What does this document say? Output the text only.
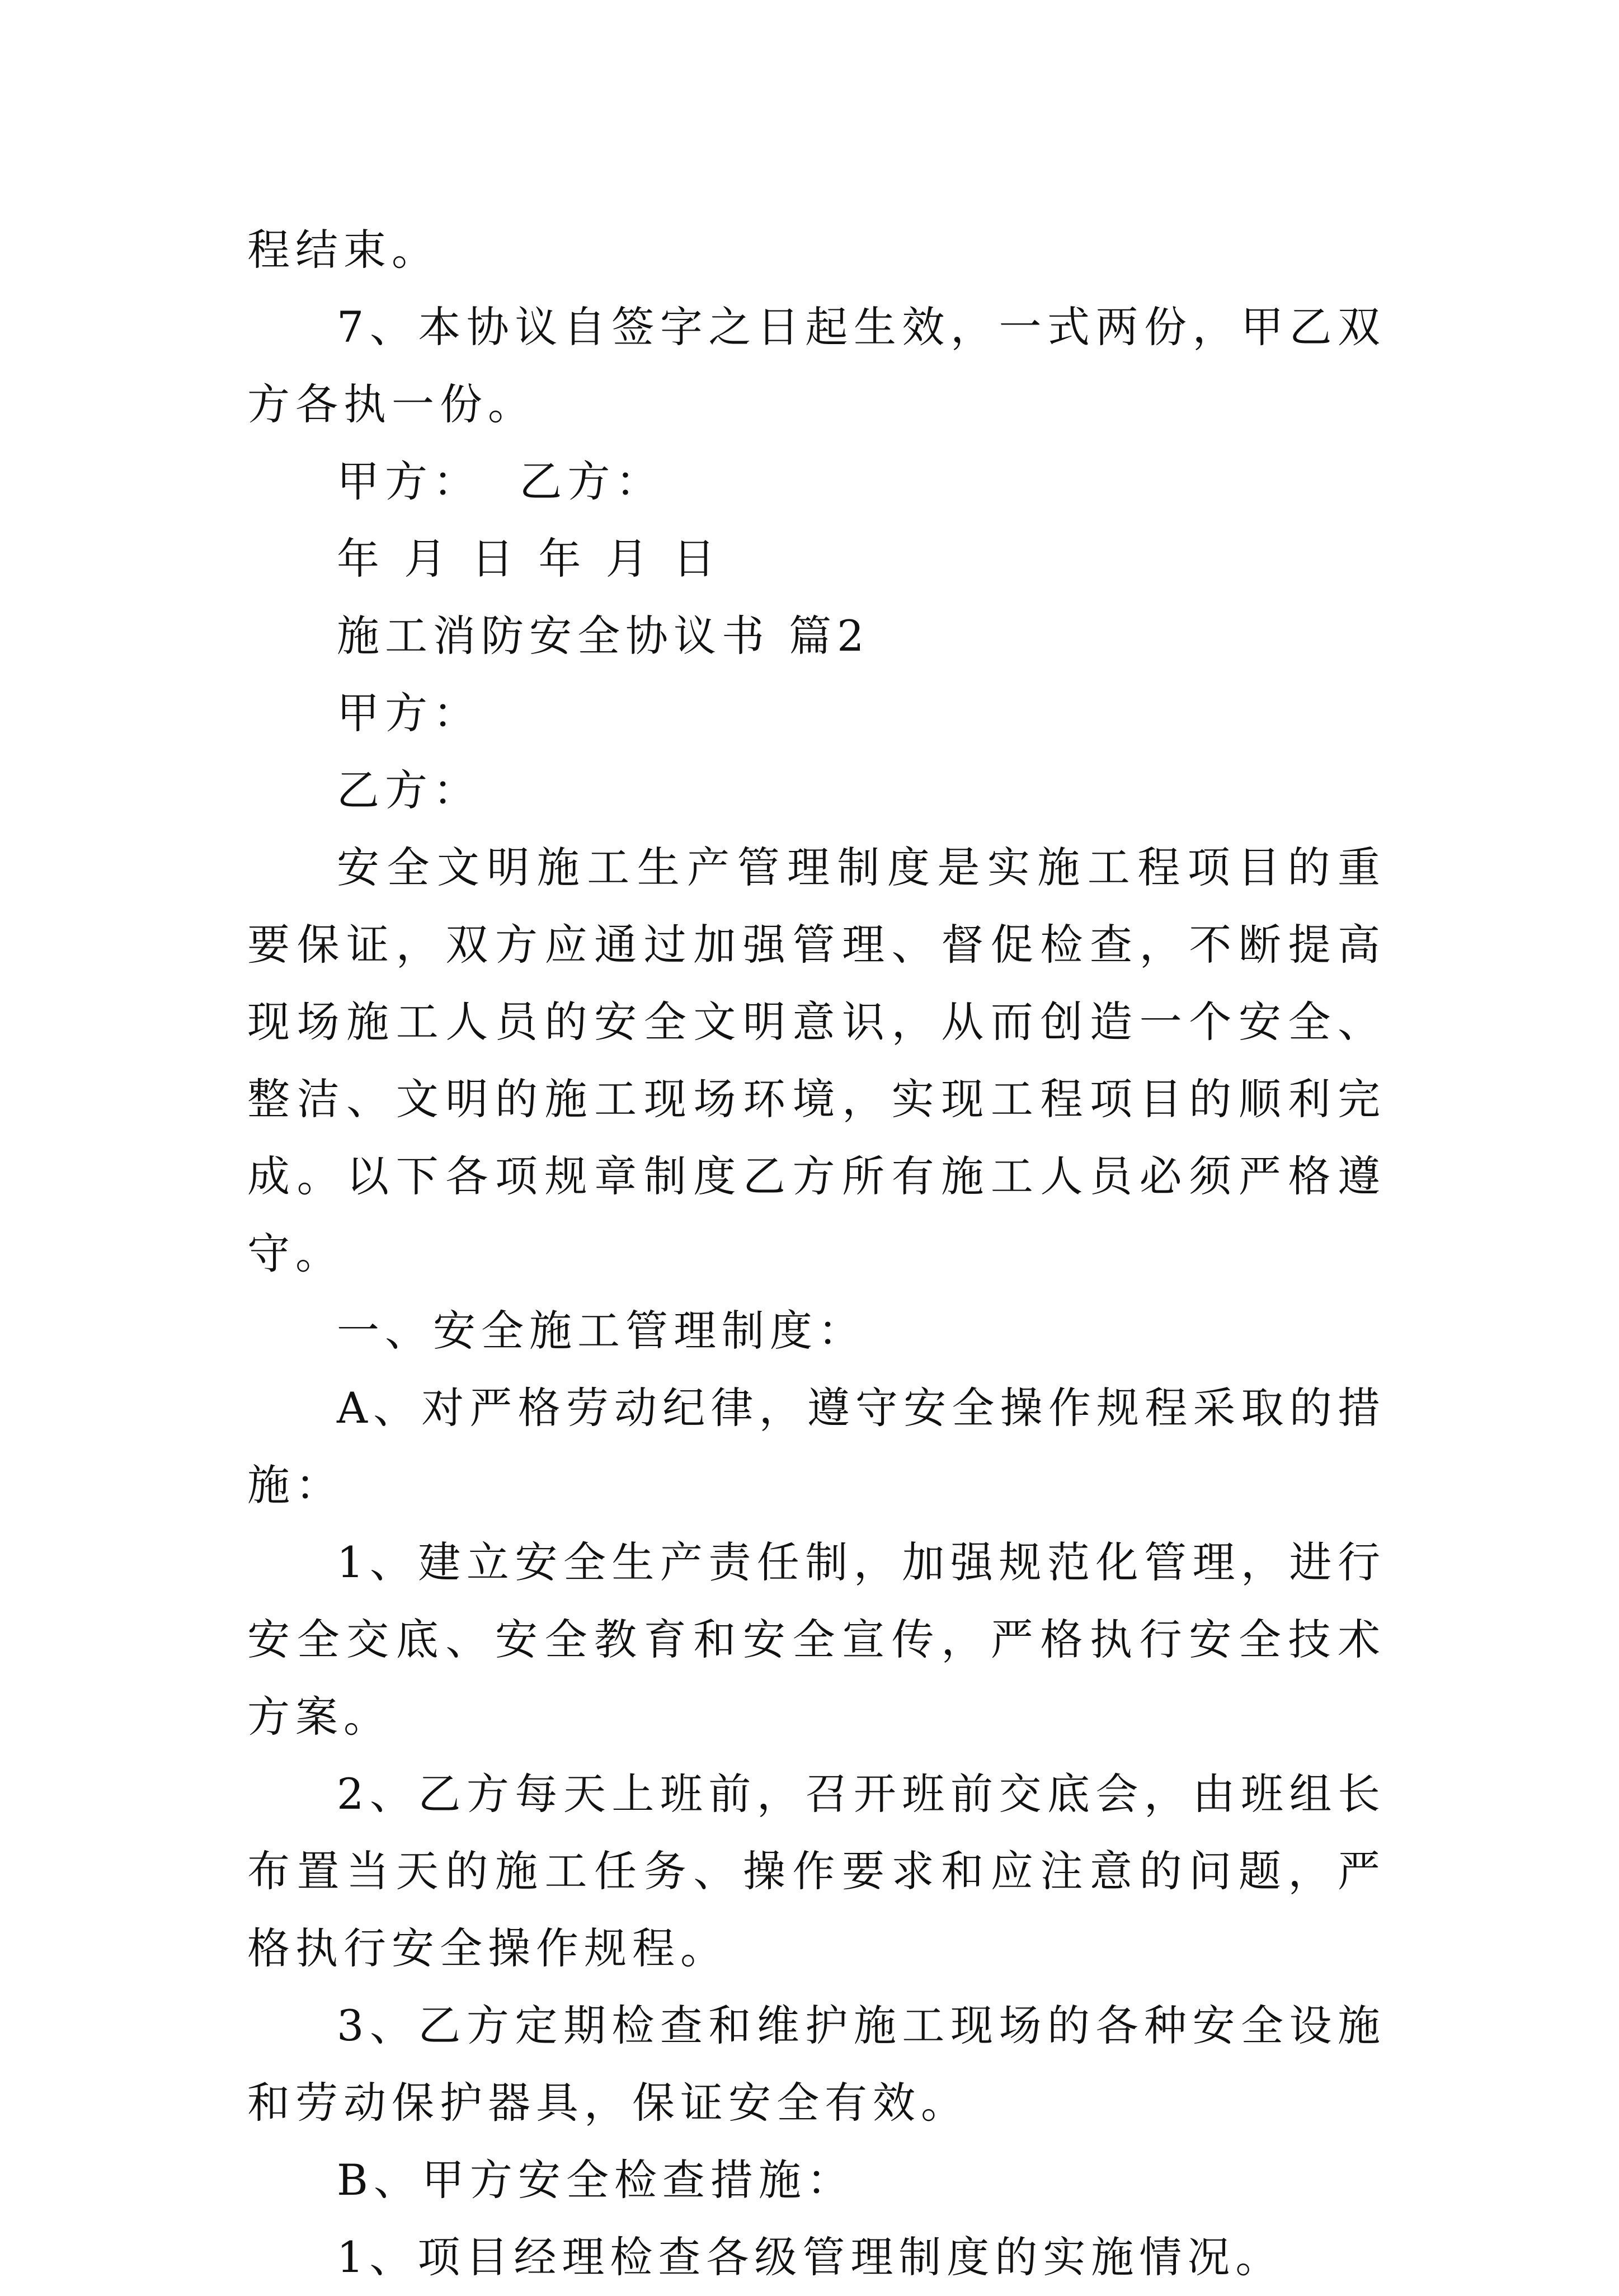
程结束。

7、本协议自签字之日起生效，一式两份，甲乙双方各执一份。

甲方：  乙方：

年 月 日 年 月 日

施工消防安全协议书 篇2

甲方：

乙方：

安全文明施工生产管理制度是实施工程项目的重要保证，双方应通过加强管理、督促检查，不断提高现场施工人员的安全文明意识，从而创造一个安全、整洁、文明的施工现场环境，实现工程项目的顺利完成。以下各项规章制度乙方所有施工人员必须严格遵守。

一、安全施工管理制度：

A、对严格劳动纪律，遵守安全操作规程采取的措施：

1、建立安全生产责任制，加强规范化管理，进行安全交底、安全教育和安全宣传，严格执行安全技术方案。

2、乙方每天上班前，召开班前交底会，由班组长布置当天的施工任务、操作要求和应注意的问题，严格执行安全操作规程。

3、乙方定期检查和维护施工现场的各种安全设施和劳动保护器具，保证安全有效。

B、甲方安全检查措施：

1、项目经理检查各级管理制度的实施情况。
